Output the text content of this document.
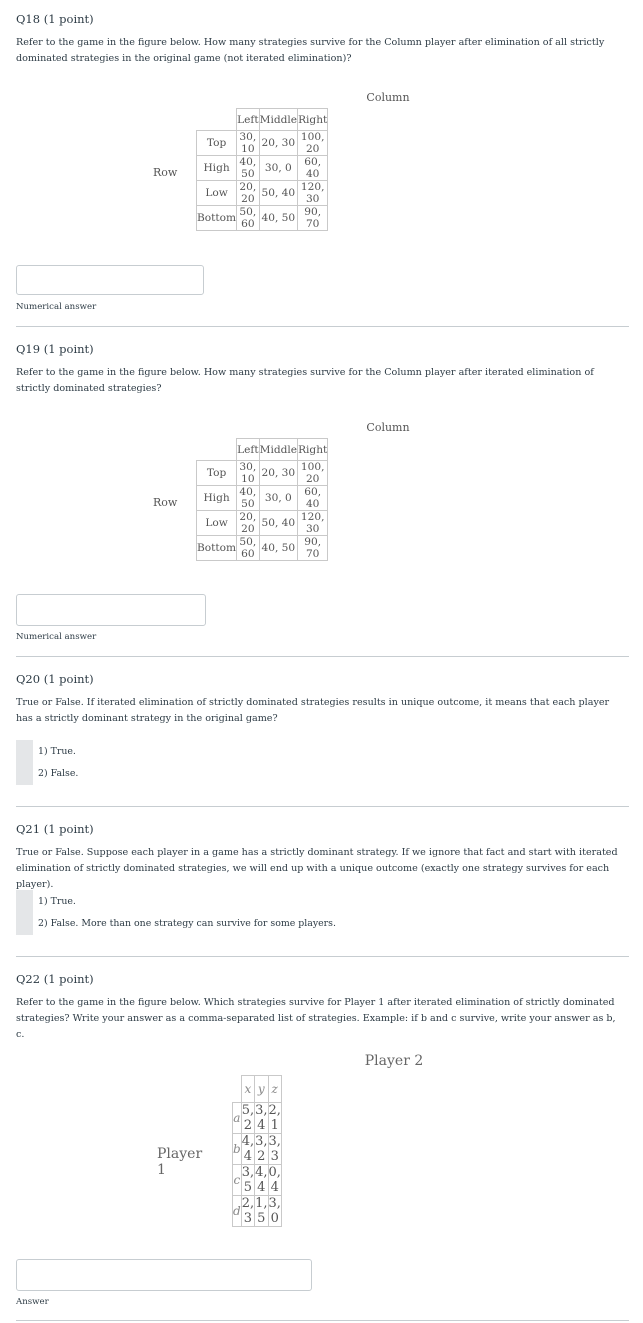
Q18 (1 point)
Refer to the game in the figure below. How many strategies survive for the Column player after elimination of all strictly dominated strategies in the original game (not iterated elimination)?
Column
Row
	Left	Middle	Right
Top	30, 10	20, 30	100, 20
High	40, 50	30, 0	60, 40
Low	20, 20	50, 40	120, 30
Bottom	50, 60	40, 50	90, 70
Numerical answer
Q19 (1 point)
Refer to the game in the figure below. How many strategies survive for the Column player after iterated elimination of strictly dominated strategies?
Column
Row
	Left	Middle	Right
Top	30, 10	20, 30	100, 20
High	40, 50	30, 0	60, 40
Low	20, 20	50, 40	120, 30
Bottom	50, 60	40, 50	90, 70
Numerical answer
Q20 (1 point)
True or False. If iterated elimination of strictly dominated strategies results in unique outcome, it means that each player has a strictly dominant strategy in the original game?
1) True.
2) False.
Q21 (1 point)
True or False. Suppose each player in a game has a strictly dominant strategy. If we ignore that fact and start with iterated elimination of strictly dominated strategies, we will end up with a unique outcome (exactly one strategy survives for each player).
1) True.
2) False. More than one strategy can survive for some players.
Q22 (1 point)
Refer to the game in the figure below. Which strategies survive for Player 1 after iterated elimination of strictly dominated strategies? Write your answer as a comma-separated list of strategies. Example: if b and c survive, write your answer as b, c.
Player 2
Player 1
	x	y	z
a	5, 2	3, 4	2, 1
b	4, 4	3, 2	3, 3
c	3, 5	4, 4	0, 4
d	2, 3	1, 5	3, 0
Answer
